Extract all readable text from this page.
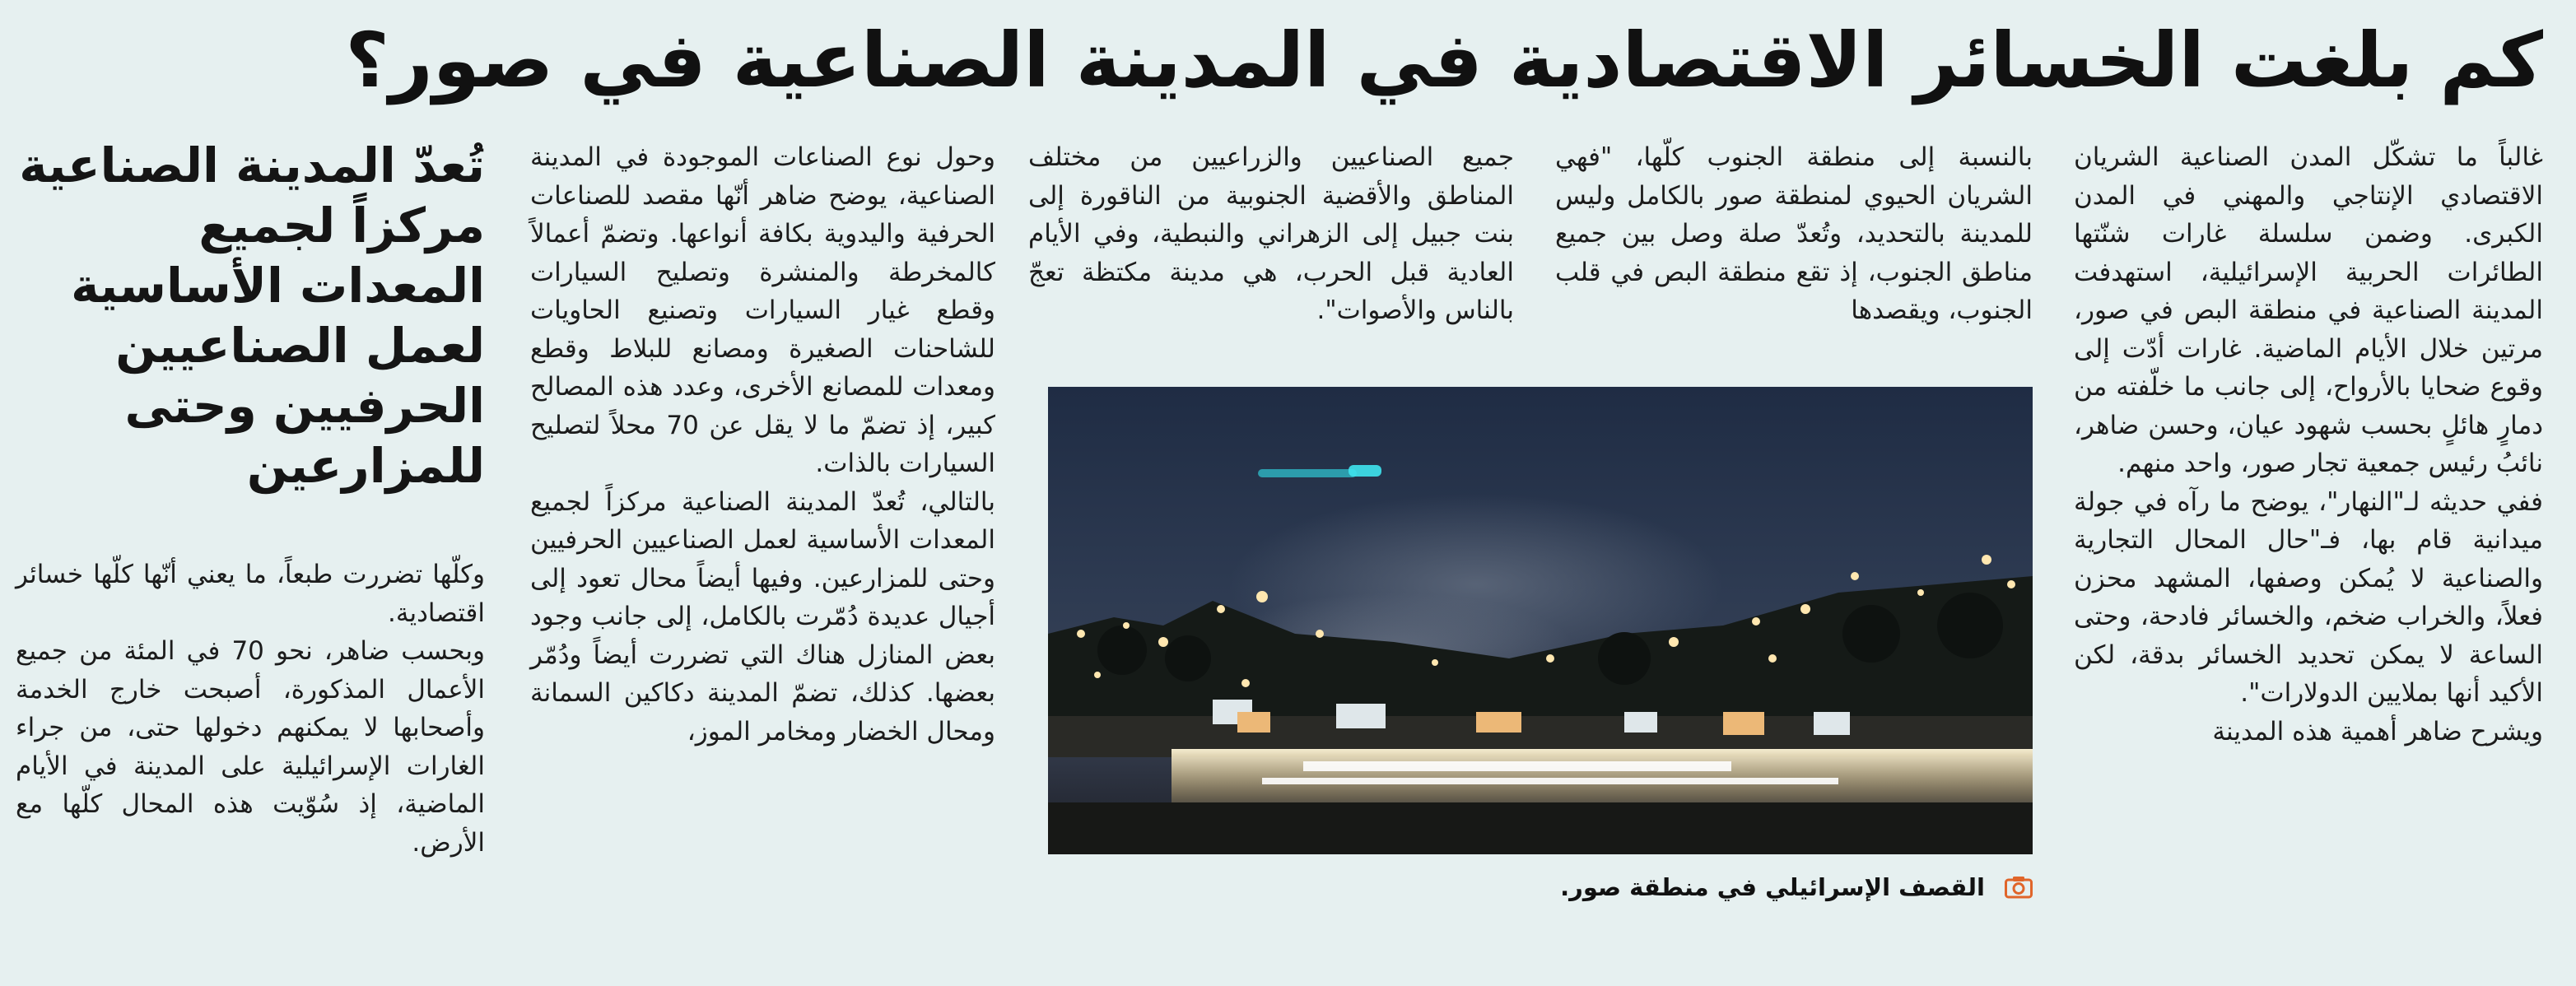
كم بلغت الخسائر الاقتصادية في المدينة الصناعية في صور؟

غالباً ما تشكّل المدن الصناعية الشريان الاقتصادي الإنتاجي والمهني في المدن الكبرى. وضمن سلسلة غارات شنّتها الطائرات الحربية الإسرائيلية، استهدفت المدينة الصناعية في منطقة البص في صور، مرتين خلال الأيام الماضية. غارات أدّت إلى وقوع ضحايا بالأرواح، إلى جانب ما خلّفته من دمارٍ هائلٍ بحسب شهود عيان، وحسن ضاهر، نائبُ رئيس جمعية تجار صور، واحد منهم.

ففي حديثه لـ"النهار"، يوضح ما رآه في جولة ميدانية قام بها، فـ"حال المحال التجارية والصناعية لا يُمكن وصفها، المشهد محزن فعلاً، والخراب ضخم، والخسائر فادحة، وحتى الساعة لا يمكن تحديد الخسائر بدقة، لكن الأكيد أنها بملايين الدولارات".

ويشرح ضاهر أهمية هذه المدينة

بالنسبة إلى منطقة الجنوب كلّها، "فهي الشريان الحيوي لمنطقة صور بالكامل وليس للمدينة بالتحديد، وتُعدّ صلة وصل بين جميع مناطق الجنوب، إذ تقع منطقة البص في قلب الجنوب، ويقصدها

جميع الصناعيين والزراعيين من مختلف المناطق والأقضية الجنوبية من الناقورة إلى بنت جبيل إلى الزهراني والنبطية، وفي الأيام العادية قبل الحرب، هي مدينة مكتظة تعجّ بالناس والأصوات".

وحول نوع الصناعات الموجودة في المدينة الصناعية، يوضح ضاهر أنّها مقصد للصناعات الحرفية واليدوية بكافة أنواعها. وتضمّ أعمالاً كالمخرطة والمنشرة وتصليح السيارات وقطع غيار السيارات وتصنيع الحاويات للشاحنات الصغيرة ومصانع للبلاط وقطع ومعدات للمصانع الأخرى، وعدد هذه المصالح كبير، إذ تضمّ ما لا يقل عن 70 محلاً لتصليح السيارات بالذات.

بالتالي، تُعدّ المدينة الصناعية مركزاً لجميع المعدات الأساسية لعمل الصناعيين الحرفيين وحتى للمزارعين. وفيها أيضاً محال تعود إلى أجيال عديدة دُمّرت بالكامل، إلى جانب وجود بعض المنازل هناك التي تضررت أيضاً ودُمّر بعضها. كذلك، تضمّ المدينة دكاكين السمانة ومحال الخضار ومخامر الموز،

تُعدّ المدينة الصناعية مركزاً لجميع المعدات الأساسية لعمل الصناعيين الحرفيين وحتى للمزارعين

وكلّها تضررت طبعاً، ما يعني أنّها كلّها خسائر اقتصادية.

وبحسب ضاهر، نحو 70 في المئة من جميع الأعمال المذكورة، أصبحت خارج الخدمة وأصحابها لا يمكنهم دخولها حتى، من جراء الغارات الإسرائيلية على المدينة في الأيام الماضية، إذ سُوّيت هذه المحال كلّها مع الأرض.

القصف الإسرائيلي في منطقة صور.
